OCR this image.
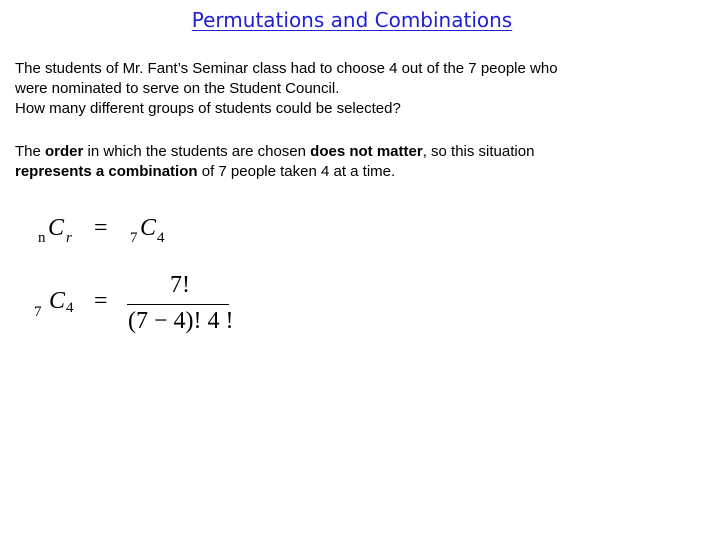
Permutations and Combinations
The students of Mr. Fant’s Seminar class had to choose 4 out of the 7 people who
were nominated to serve on the Student Council.
How many different groups of students could be selected?
The order in which the students are chosen does not matter, so this situation
represents a combination of 7 people taken 4 at a time.
n C r = 7 C 4
7 C 4 =
7!
(7 − 4)! 4 !
